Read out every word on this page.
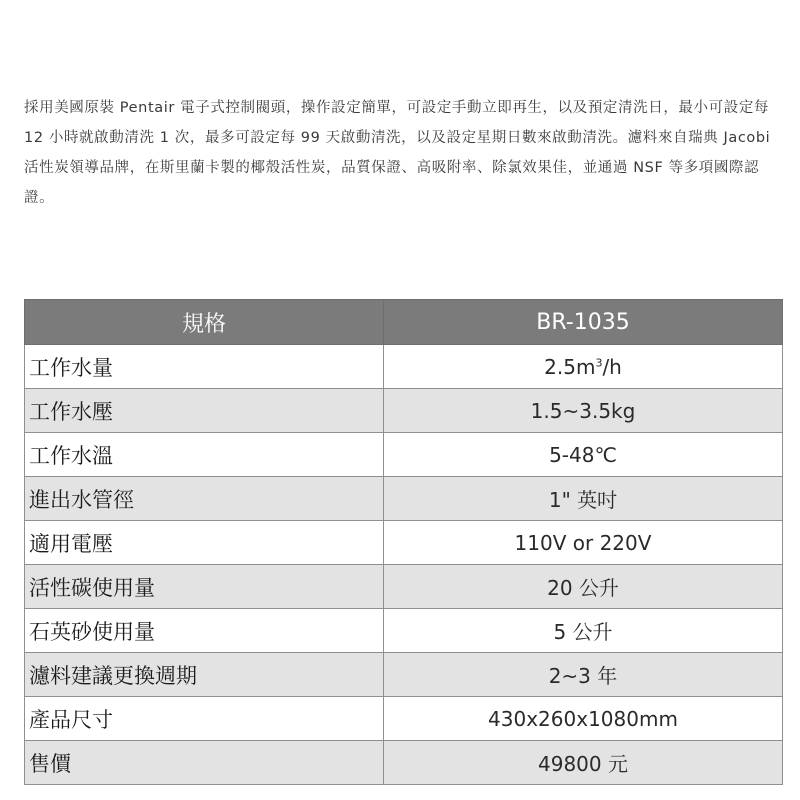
採用美國原裝 Pentair 電子式控制閥頭，操作設定簡單，可設定手動立即再生，以及預定清洗日，最小可設定每 12 小時就啟動清洗 1 次，最多可設定每 99 天啟動清洗，以及設定星期日數來啟動清洗。濾料來自瑞典 Jacobi 活性炭領導品牌，在斯里蘭卡製的椰殼活性炭，品質保證、高吸附率、除氯效果佳，並通過 NSF 等多項國際認證。

規格	BR-1035
工作水量	$2.5m^3/h$
工作水壓	1.5~3.5kg
工作水溫	5-48℃
進出水管徑	1" 英吋
適用電壓	110V or 220V
活性碳使用量	20 公升
石英砂使用量	5 公升
濾料建議更換週期	2~3 年
產品尺寸	430x260x1080mm
售價	49800 元
